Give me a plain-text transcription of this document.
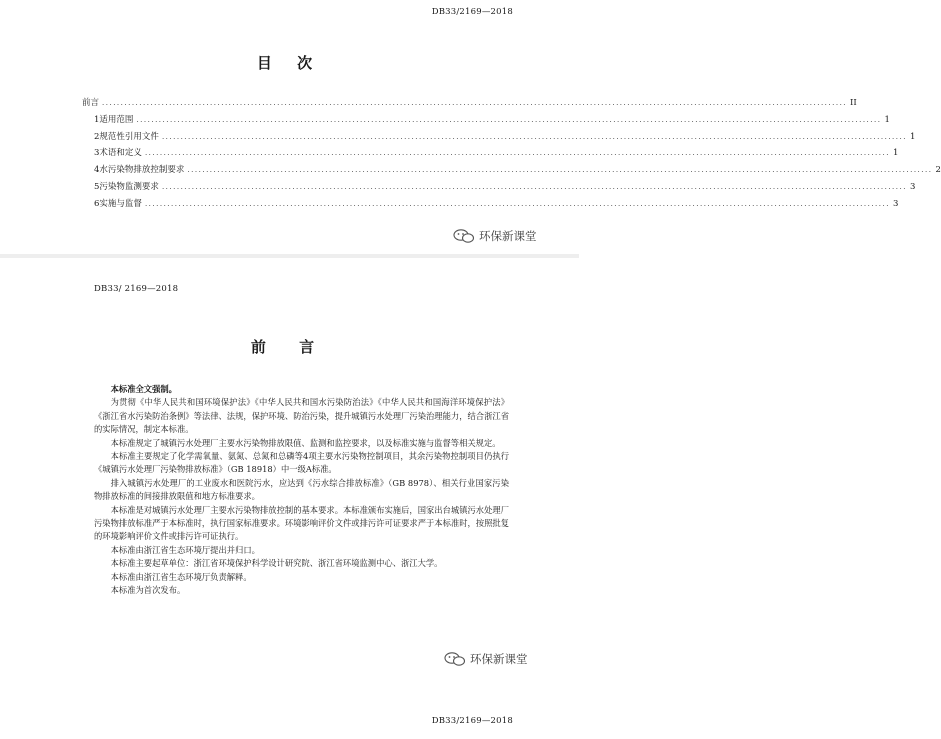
DB33/2169—2018
目 次
前言 ........................................................................................................................................................................................................ II
1 适用范围 ........................................................................................................................................................................................................ 1
2 规范性引用文件 ........................................................................................................................................................................................................ 1
3 术语和定义 ........................................................................................................................................................................................................ 1
4 水污染物排放控制要求 ........................................................................................................................................................................................................ 2
5 污染物监测要求 ........................................................................................................................................................................................................ 3
6 实施与监督 ........................................................................................................................................................................................................ 3
环保新课堂
DB33/ 2169—2018
前 言

本标准全文强制。

为贯彻《中华人民共和国环境保护法》《中华人民共和国水污染防治法》《中华人民共和国海洋环境保护法》《浙江省水污染防治条例》等法律、法规，保护环境、防治污染，提升城镇污水处理厂污染治理能力，结合浙江省的实际情况，制定本标准。

本标准规定了城镇污水处理厂主要水污染物排放限值、监测和监控要求，以及标准实施与监督等相关规定。

本标准主要规定了化学需氧量、氨氮、总氮和总磷等4项主要水污染物控制项目，其余污染物控制项目仍执行《城镇污水处理厂污染物排放标准》（GB 18918）中一级A标准。

排入城镇污水处理厂的工业废水和医院污水，应达到《污水综合排放标准》（GB 8978）、相关行业国家污染物排放标准的间接排放限值和地方标准要求。

本标准是对城镇污水处理厂主要水污染物排放控制的基本要求。本标准颁布实施后，国家出台城镇污水处理厂污染物排放标准严于本标准时，执行国家标准要求。环境影响评价文件或排污许可证要求严于本标准时，按照批复的环境影响评价文件或排污许可证执行。

本标准由浙江省生态环境厅提出并归口。

本标准主要起草单位：浙江省环境保护科学设计研究院、浙江省环境监测中心、浙江大学。

本标准由浙江省生态环境厅负责解释。

本标准为首次发布。

环保新课堂
DB33/2169—2018
